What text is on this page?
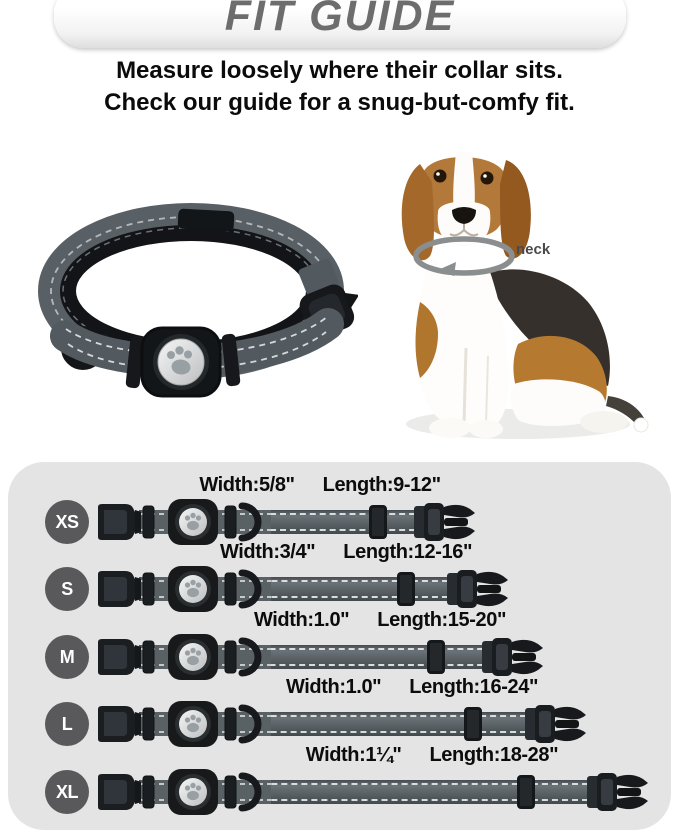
FIT GUIDE
Measure loosely where their collar sits.
Check our guide for a snug-but-comfy fit.
neck
Width:5/8" Length:9-12"
XS
Width:3/4" Length:12-16"
S
Width:1.0" Length:15-20"
M
Width:1.0" Length:16-24"
L
Width:1¼" Length:18-28"
XL
